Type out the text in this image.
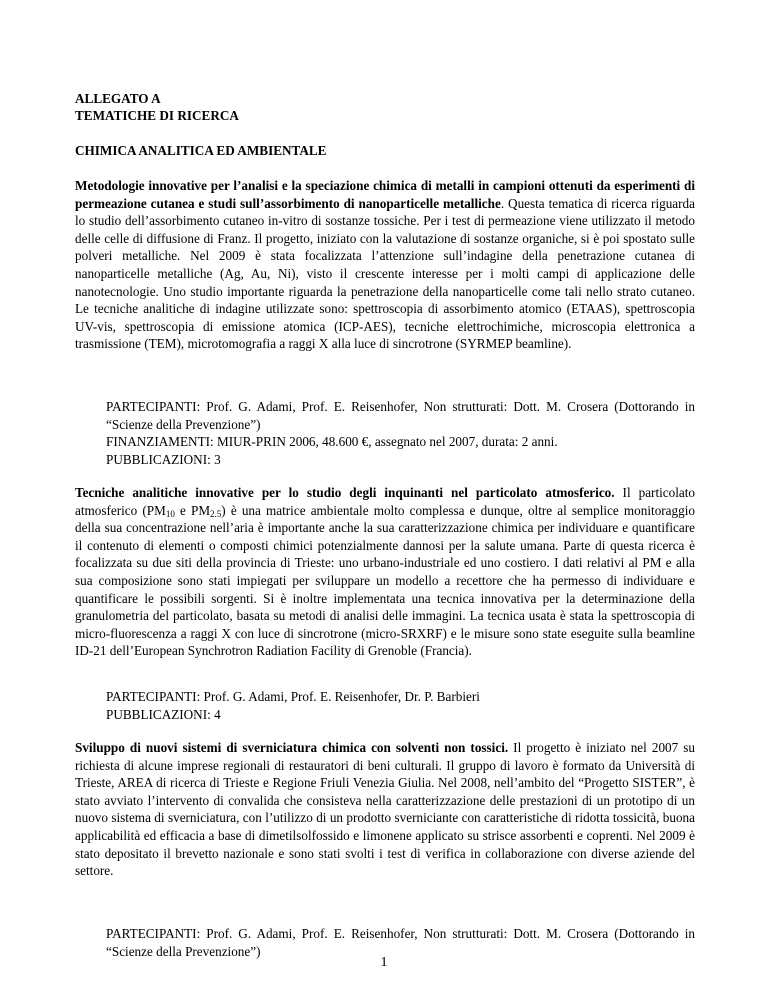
ALLEGATO A
TEMATICHE DI RICERCA
CHIMICA ANALITICA ED AMBIENTALE

Metodologie innovative per l’analisi e la speciazione chimica di metalli in campioni ottenuti da esperimenti di permeazione cutanea e studi sull’assorbimento di nanoparticelle metalliche. Questa tematica di ricerca riguarda lo studio dell’assorbimento cutaneo in-vitro di sostanze tossiche. Per i test di permeazione viene utilizzato il metodo delle celle di diffusione di Franz. Il progetto, iniziato con la valutazione di sostanze organiche, si è poi spostato sulle polveri metalliche. Nel 2009 è stata focalizzata l’attenzione sull’indagine della penetrazione cutanea di nanoparticelle metalliche (Ag, Au, Ni), visto il crescente interesse per i molti campi di applicazione delle nanotecnologie. Uno studio importante riguarda la penetrazione della nanoparticelle come tali nello strato cutaneo. Le tecniche analitiche di indagine utilizzate sono: spettroscopia di assorbimento atomico (ETAAS), spettroscopia UV-vis, spettroscopia di emissione atomica (ICP-AES), tecniche elettrochimiche, microscopia elettronica a trasmissione (TEM), microtomografia a raggi X alla luce di sincrotrone (SYRMEP beamline).

PARTECIPANTI: Prof. G. Adami, Prof. E. Reisenhofer, Non strutturati: Dott. M. Crosera (Dottorando in “Scienze della Prevenzione”)
FINANZIAMENTI: MIUR-PRIN 2006, 48.600 €, assegnato nel 2007, durata: 2 anni.
PUBBLICAZIONI: 3

Tecniche analitiche innovative per lo studio degli inquinanti nel particolato atmosferico. Il particolato atmosferico ($PM_{10}$ e $PM_{2.5}$) è una matrice ambientale molto complessa e dunque, oltre al semplice monitoraggio della sua concentrazione nell’aria è importante anche la sua caratterizzazione chimica per individuare e quantificare il contenuto di elementi o composti chimici potenzialmente dannosi per la salute umana. Parte di questa ricerca è focalizzata su due siti della provincia di Trieste: uno urbano-industriale ed uno costiero. I dati relativi al PM e alla sua composizione sono stati impiegati per sviluppare un modello a recettore che ha permesso di individuare e quantificare le possibili sorgenti. Si è inoltre implementata una tecnica innovativa per la determinazione della granulometria del particolato, basata su metodi di analisi delle immagini. La tecnica usata è stata la spettroscopia di micro-fluorescenza a raggi X con luce di sincrotrone (micro-SRXRF) e le misure sono state eseguite sulla beamline ID-21 dell’European Synchrotron Radiation Facility di Grenoble (Francia).

PARTECIPANTI: Prof. G. Adami, Prof. E. Reisenhofer, Dr. P. Barbieri
PUBBLICAZIONI: 4

Sviluppo di nuovi sistemi di sverniciatura chimica con solventi non tossici. Il progetto è iniziato nel 2007 su richiesta di alcune imprese regionali di restauratori di beni culturali. Il gruppo di lavoro è formato da Università di Trieste, AREA di ricerca di Trieste e Regione Friuli Venezia Giulia. Nel 2008, nell’ambito del “Progetto SISTER”, è stato avviato l’intervento di convalida che consisteva nella caratterizzazione delle prestazioni di un prototipo di un nuovo sistema di sverniciatura, con l’utilizzo di un prodotto sverniciante con caratteristiche di ridotta tossicità, buona applicabilità ed efficacia a base di dimetilsolfossido e limonene applicato su strisce assorbenti e coprenti. Nel 2009 è stato depositato il brevetto nazionale e sono stati svolti i test di verifica in collaborazione con diverse aziende del settore.

PARTECIPANTI: Prof. G. Adami, Prof. E. Reisenhofer, Non strutturati: Dott. M. Crosera (Dottorando in “Scienze della Prevenzione”)
1
